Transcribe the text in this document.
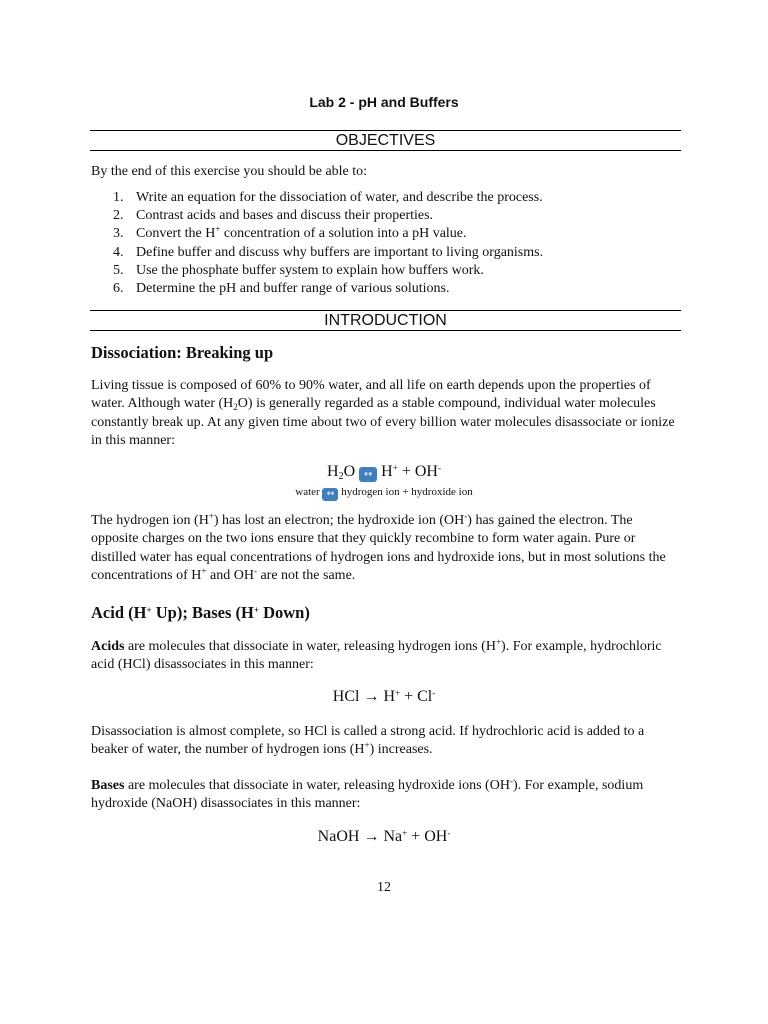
Lab 2 - pH and Buffers
OBJECTIVES
By the end of this exercise you should be able to:
1. Write an equation for the dissociation of water, and describe the process.
2. Contrast acids and bases and discuss their properties.
3. Convert the H+ concentration of a solution into a pH value.
4. Define buffer and discuss why buffers are important to living organisms.
5. Use the phosphate buffer system to explain how buffers work.
6. Determine the pH and buffer range of various solutions.
INTRODUCTION
Dissociation: Breaking up
Living tissue is composed of 60% to 90% water, and all life on earth depends upon the properties of water. Although water $(H_2O)$ is generally regarded as a stable compound, individual water molecules constantly break up. At any given time about two of every billion water molecules disassociate or ionize in this manner:
$H_2O$ ↔ H+ + OH-
water ↔ hydrogen ion + hydroxide ion
The hydrogen ion (H+) has lost an electron; the hydroxide ion (OH-) has gained the electron. The opposite charges on the two ions ensure that they quickly recombine to form water again. Pure or distilled water has equal concentrations of hydrogen ions and hydroxide ions, but in most solutions the concentrations of H+ and OH- are not the same.
Acid (H+ Up); Bases (H+ Down)
Acids are molecules that dissociate in water, releasing hydrogen ions (H+). For example, hydrochloric acid (HCl) disassociates in this manner:
HCl → H+ + Cl-
Disassociation is almost complete, so HCl is called a strong acid. If hydrochloric acid is added to a beaker of water, the number of hydrogen ions (H+) increases.
Bases are molecules that dissociate in water, releasing hydroxide ions (OH-). For example, sodium hydroxide (NaOH) disassociates in this manner:
NaOH → Na+ + OH-
12
